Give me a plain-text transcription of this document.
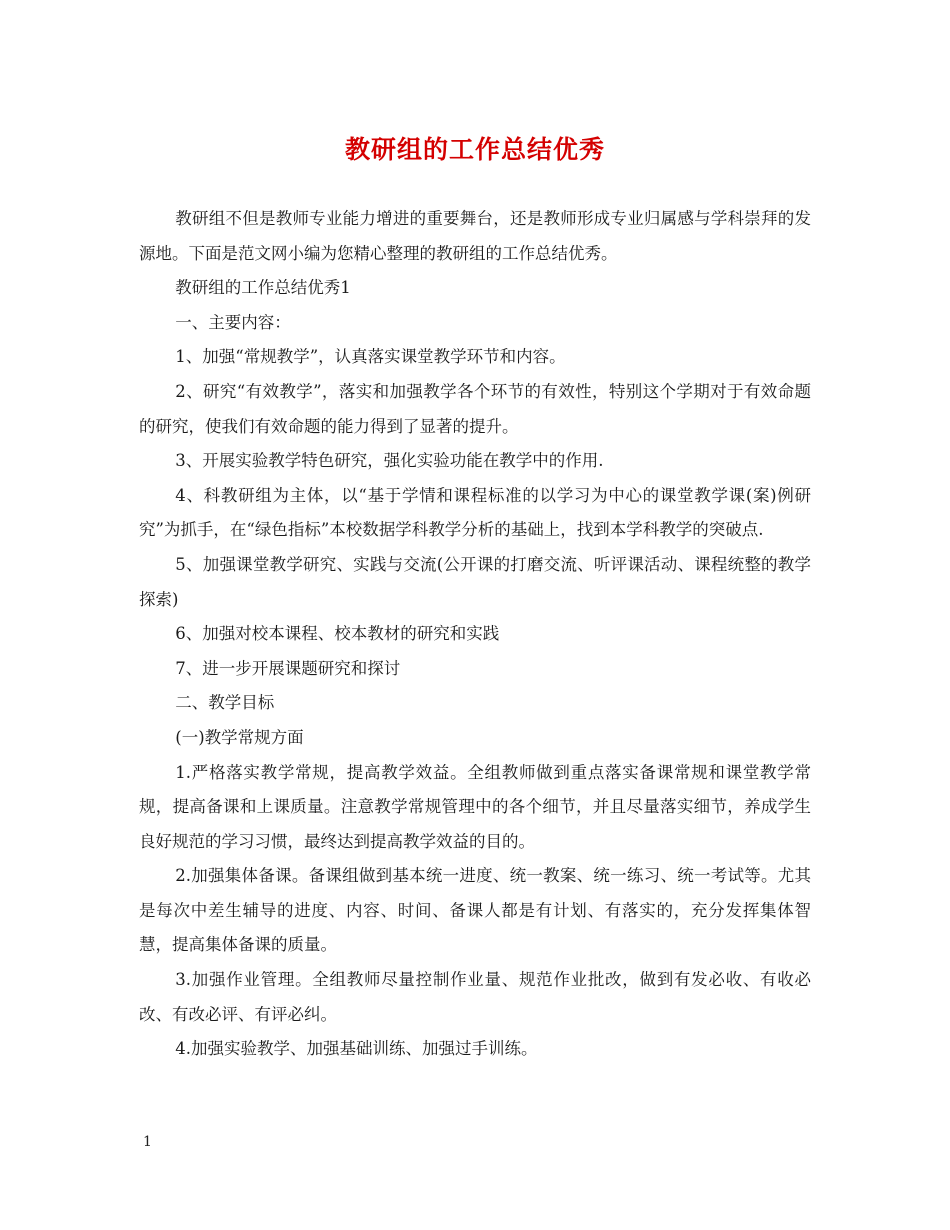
教研组的工作总结优秀

教研组不但是教师专业能力增进的重要舞台，还是教师形成专业归属感与学科崇拜的发源地。下面是范文网小编为您精心整理的教研组的工作总结优秀。

教研组的工作总结优秀1

一、主要内容：

1、加强“常规教学”，认真落实课堂教学环节和内容。

2、研究“有效教学”，落实和加强教学各个环节的有效性，特别这个学期对于有效命题的研究，使我们有效命题的能力得到了显著的提升。

3、开展实验教学特色研究，强化实验功能在教学中的作用.

4、科教研组为主体，以“基于学情和课程标准的以学习为中心的课堂教学课(案)例研究”为抓手，在“绿色指标”本校数据学科教学分析的基础上，找到本学科教学的突破点.

5、加强课堂教学研究、实践与交流(公开课的打磨交流、听评课活动、课程统整的教学探索)

6、加强对校本课程、校本教材的研究和实践

7、进一步开展课题研究和探讨

二、教学目标

(一)教学常规方面

1.严格落实教学常规，提高教学效益。全组教师做到重点落实备课常规和课堂教学常规，提高备课和上课质量。注意教学常规管理中的各个细节，并且尽量落实细节，养成学生良好规范的学习习惯，最终达到提高教学效益的目的。

2.加强集体备课。备课组做到基本统一进度、统一教案、统一练习、统一考试等。尤其是每次中差生辅导的进度、内容、时间、备课人都是有计划、有落实的，充分发挥集体智慧，提高集体备课的质量。

3.加强作业管理。全组教师尽量控制作业量、规范作业批改，做到有发必收、有收必改、有改必评、有评必纠。

4.加强实验教学、加强基础训练、加强过手训练。

1
